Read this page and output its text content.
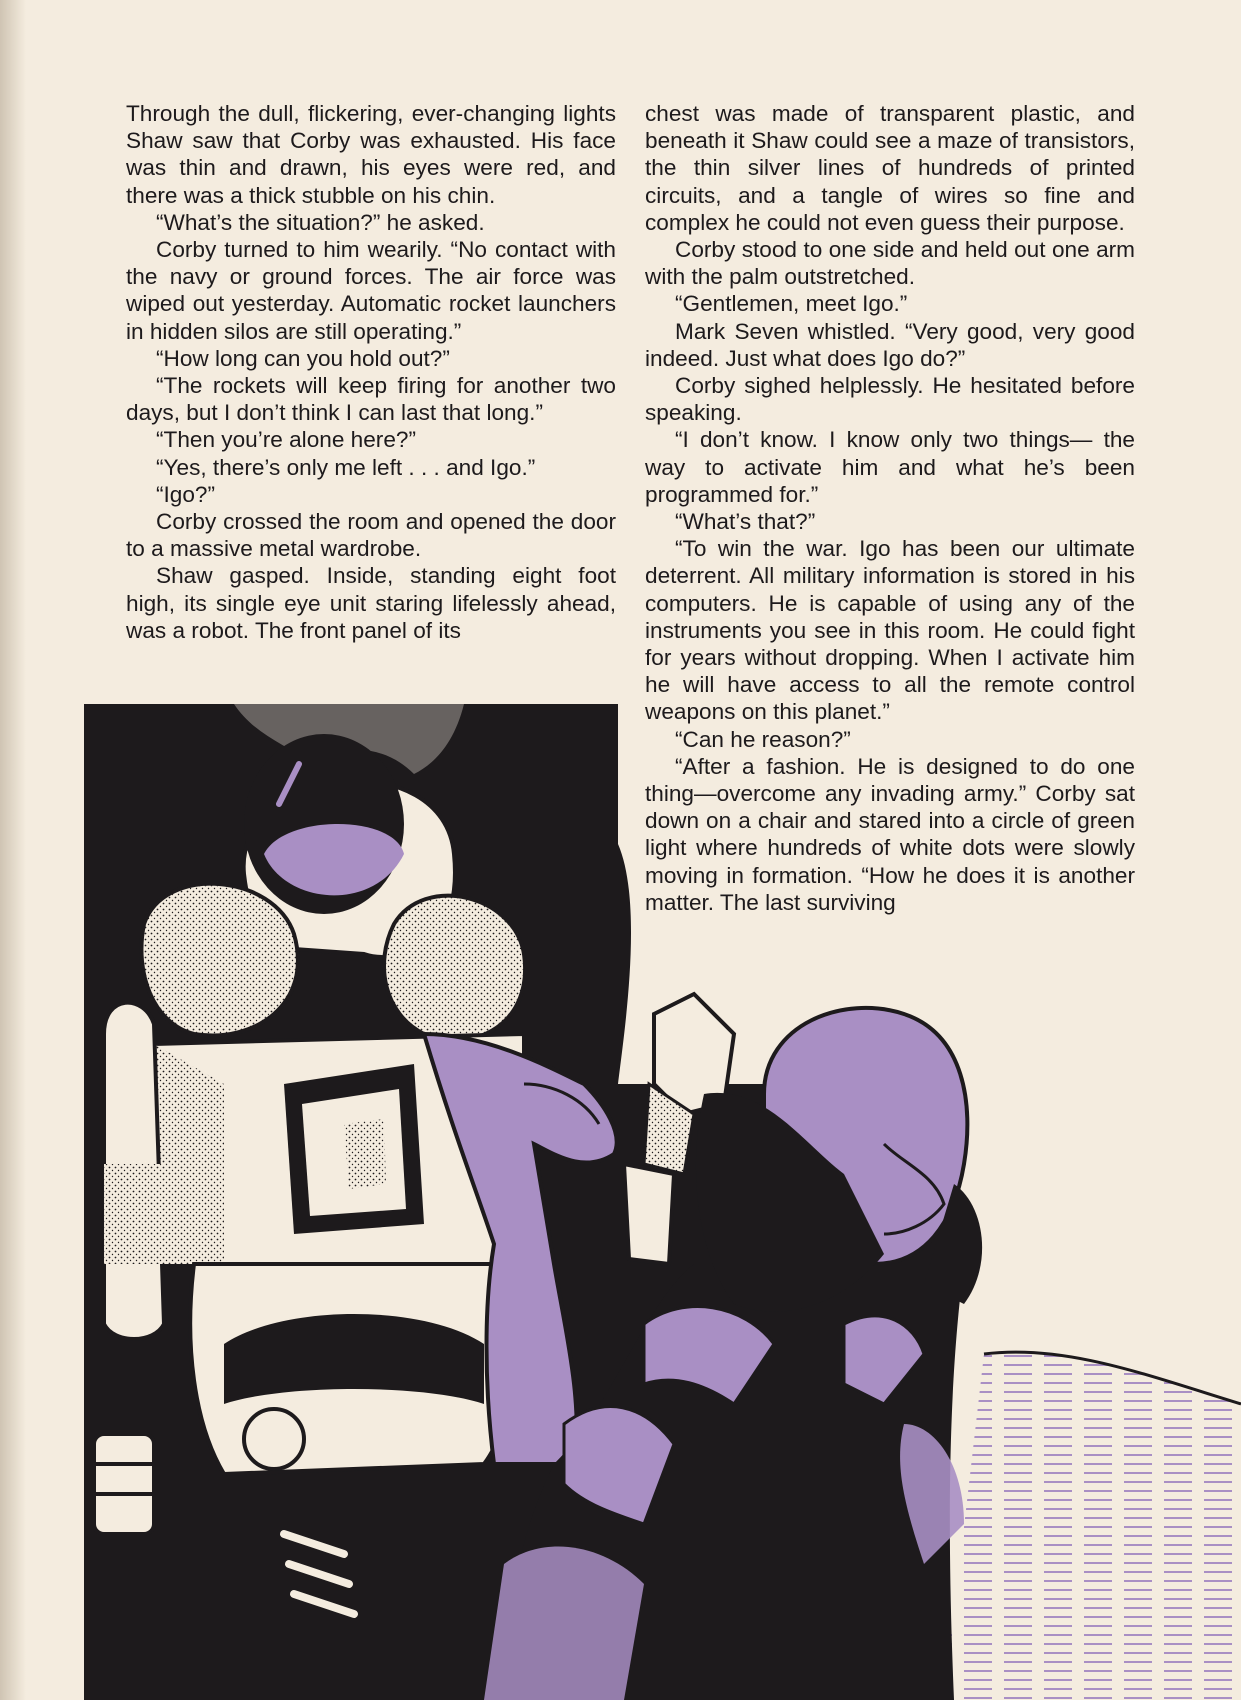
Through the dull, flickering, ever-changing lights Shaw saw that Corby was exhausted. His face was thin and drawn, his eyes were red, and there was a thick stubble on his chin.

“What’s the situation?” he asked.

Corby turned to him wearily. “No contact with the navy or ground forces. The air force was wiped out yesterday. Automatic rocket launchers in hidden silos are still operating.”

“How long can you hold out?”

“The rockets will keep firing for another two days, but I don’t think I can last that long.”

“Then you’re alone here?”

“Yes, there’s only me left . . . and Igo.”

“Igo?”

Corby crossed the room and opened the door to a massive metal wardrobe.

Shaw gasped. Inside, standing eight foot high, its single eye unit staring lifelessly ahead, was a robot. The front panel of its

chest was made of transparent plastic, and beneath it Shaw could see a maze of transistors, the thin silver lines of hundreds of printed circuits, and a tangle of wires so fine and complex he could not even guess their purpose.

Corby stood to one side and held out one arm with the palm outstretched.

“Gentlemen, meet Igo.”

Mark Seven whistled. “Very good, very good indeed. Just what does Igo do?”

Corby sighed helplessly. He hesitated before speaking.

“I don’t know. I know only two things— the way to activate him and what he’s been programmed for.”

“What’s that?”

“To win the war. Igo has been our ultimate deterrent. All military information is stored in his computers. He is capable of using any of the instruments you see in this room. He could fight for years without dropping. When I activate him he will have access to all the remote control weapons on this planet.”

“Can he reason?”

“After a fashion. He is designed to do one thing—overcome any invading army.” Corby sat down on a chair and stared into a circle of green light where hundreds of white dots were slowly moving in formation. “How he does it is another matter. The last surviving
